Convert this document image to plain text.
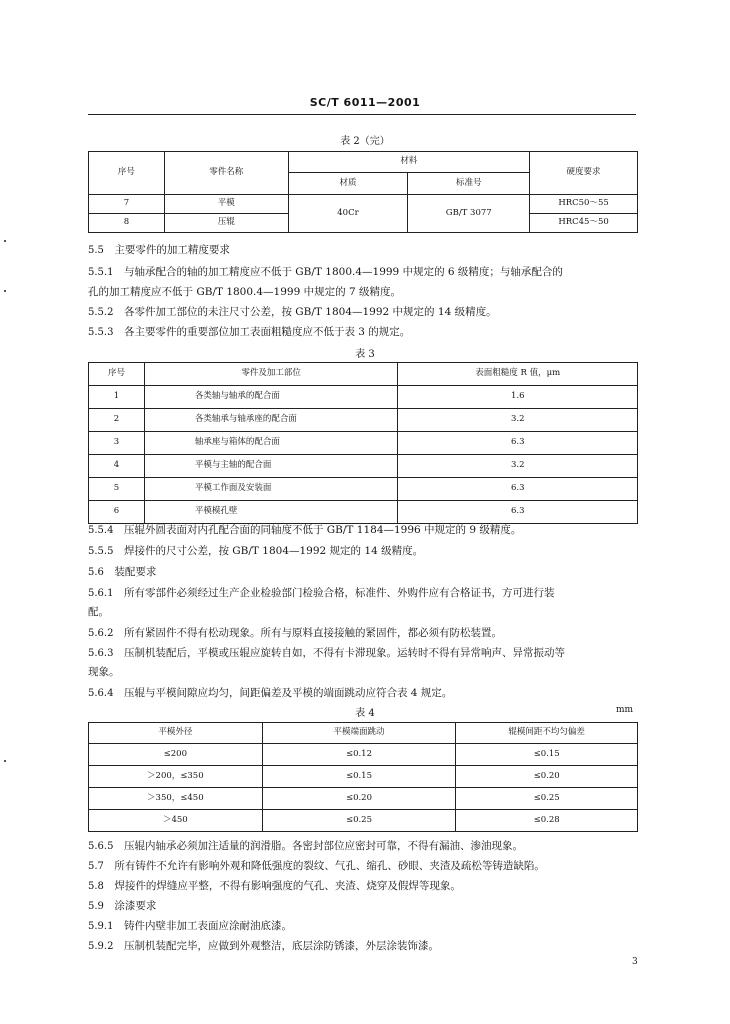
SC/T 6011—2001
表 2（完）
序号	零件名称	材料		硬度要求
		材质	标准号	
7	平模	40Cr	GB/T 3077	HRC50～55
8	压辊			HRC45～50
5.5　 主要零件的加工精度要求
5.5.1　 与轴承配合的轴的加工精度应不低于 GB/T 1800.4—1999 中规定的 6 级精度；与轴承配合的
孔的加工精度应不低于 GB/T 1800.4—1999 中规定的 7 级精度。
5.5.2　 各零件加工部位的未注尺寸公差，按 GB/T 1804—1992 中规定的 14 级精度。
5.5.3　 各主要零件的重要部位加工表面粗糙度应不低于表 3 的规定。
表 3
序号	零件及加工部位	表面粗糙度 R 值，μm
1	各类轴与轴承的配合面	1.6
2	各类轴承与轴承座的配合面	3.2
3	轴承座与箱体的配合面	6.3
4	平模与主轴的配合面	3.2
5	平模工作面及安装面	6.3
6	平模模孔壁	6.3
5.5.4　 压辊外圆表面对内孔配合面的同轴度不低于 GB/T 1184—1996 中规定的 9 级精度。
5.5.5　 焊接件的尺寸公差，按 GB/T 1804—1992 规定的 14 级精度。
5.6　 装配要求
5.6.1　 所有零部件必须经过生产企业检验部门检验合格，标准件、外购件应有合格证书，方可进行装
配。
5.6.2　 所有紧固件不得有松动现象。所有与原料直接接触的紧固件，都必须有防松装置。
5.6.3　 压制机装配后，平模或压辊应旋转自如，不得有卡滞现象。运转时不得有异常响声、异常振动等
现象。
5.6.4　 压辊与平模间隙应均匀，间距偏差及平模的端面跳动应符合表 4 规定。
表 4	mm
平模外径	平模端面跳动	辊模间距不均匀偏差
≤200	≤0.12	≤0.15
＞200，≤350	≤0.15	≤0.20
＞350，≤450	≤0.20	≤0.25
＞450	≤0.25	≤0.28
5.6.5　 压辊内轴承必须加注适量的润滑脂。各密封部位应密封可靠，不得有漏油、渗油现象。
5.7　 所有铸件不允许有影响外观和降低强度的裂纹、气孔、缩孔、砂眼、夹渣及疏松等铸造缺陷。
5.8　 焊接件的焊缝应平整，不得有影响强度的气孔、夹渣、烧穿及假焊等现象。
5.9　 涂漆要求
5.9.1　 铸件内壁非加工表面应涂耐油底漆。
5.9.2　 压制机装配完毕，应做到外观整洁，底层涂防锈漆，外层涂装饰漆。
3
